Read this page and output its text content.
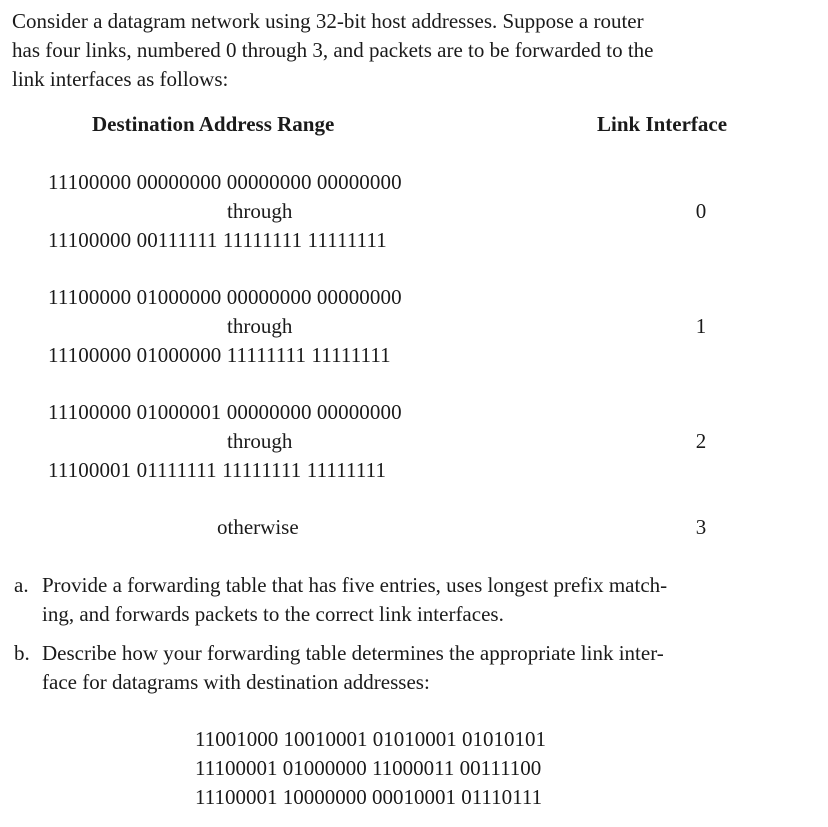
Consider a datagram network using 32-bit host addresses. Suppose a router
has four links, numbered 0 through 3, and packets are to be forwarded to the
link interfaces as follows:

Destination Address Range	Link Interface
11100000 00000000 00000000 00000000
through	0
11100000 00111111 11111111 11111111
11100000 01000000 00000000 00000000
through	1
11100000 01000000 11111111 11111111
11100000 01000001 00000000 00000000
through	2
11100001 01111111 11111111 11111111
otherwise	3
a. Provide a forwarding table that has five entries, uses longest prefix match-
ing, and forwards packets to the correct link interfaces.
b. Describe how your forwarding table determines the appropriate link inter-
face for datagrams with destination addresses:
11001000 10010001 01010001 01010101
11100001 01000000 11000011 00111100
11100001 10000000 00010001 01110111
